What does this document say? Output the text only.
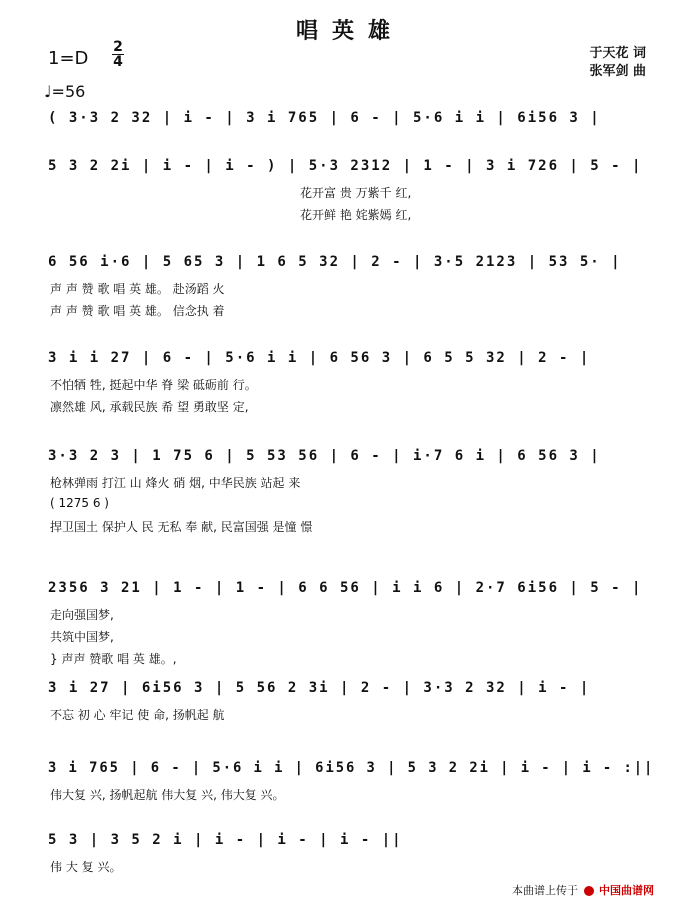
唱英雄
于天花 词
张军剑 曲
1=D
2
4
♩=56
( 3·3 2 32 | i - | 3 i 765 | 6 - | 5·6 i i | 6i56 3 |
5 3 2 2i | i - | i - ) | 5·3 2312 | 1 - | 3 i 726 | 5 - |
花开富 贵 万紫千 红,
花开鲜 艳 姹紫嫣 红,
6 56 i·6 | 5 65 3 | 1 6 5 32 | 2 - | 3·5 2123 | 53 5· |
声 声 赞 歌 唱 英 雄。 赴汤蹈 火
声 声 赞 歌 唱 英 雄。 信念执 着
3 i i 27 | 6 - | 5·6 i i | 6 56 3 | 6 5 5 32 | 2 - |
不怕牺 牲, 挺起中华 脊 梁 砥砺前 行。
凛然雄 风, 承载民族 希 望 勇敢坚 定,
3·3 2 3 | 1 75 6 | 5 53 56 | 6 - | i·7 6 i | 6 56 3 |
枪林弹雨 打江 山 烽火 硝 烟, 中华民族 站起 来
( 1275 6 )
捍卫国土 保护人 民 无私 奉 献, 民富国强 是憧 憬
2356 3 21 | 1 - | 1 - | 6 6 56 | i i 6 | 2·7 6i56 | 5 - |
走向强国梦,
共筑中国梦,
} 声声 赞歌 唱 英 雄。,
3 i 27 | 6i56 3 | 5 56 2 3i | 2 - | 3·3 2 32 | i - |
不忘 初 心 牢记 使 命, 扬帆起 航
3 i 765 | 6 - | 5·6 i i | 6i56 3 | 5 3 2 2i | i - | i - :||
伟大复 兴, 扬帆起航 伟大复 兴, 伟大复 兴。
5 3 | 3 5 2 i | i - | i - | i - ||
伟 大 复 兴。
本曲谱上传于 中国曲谱网
